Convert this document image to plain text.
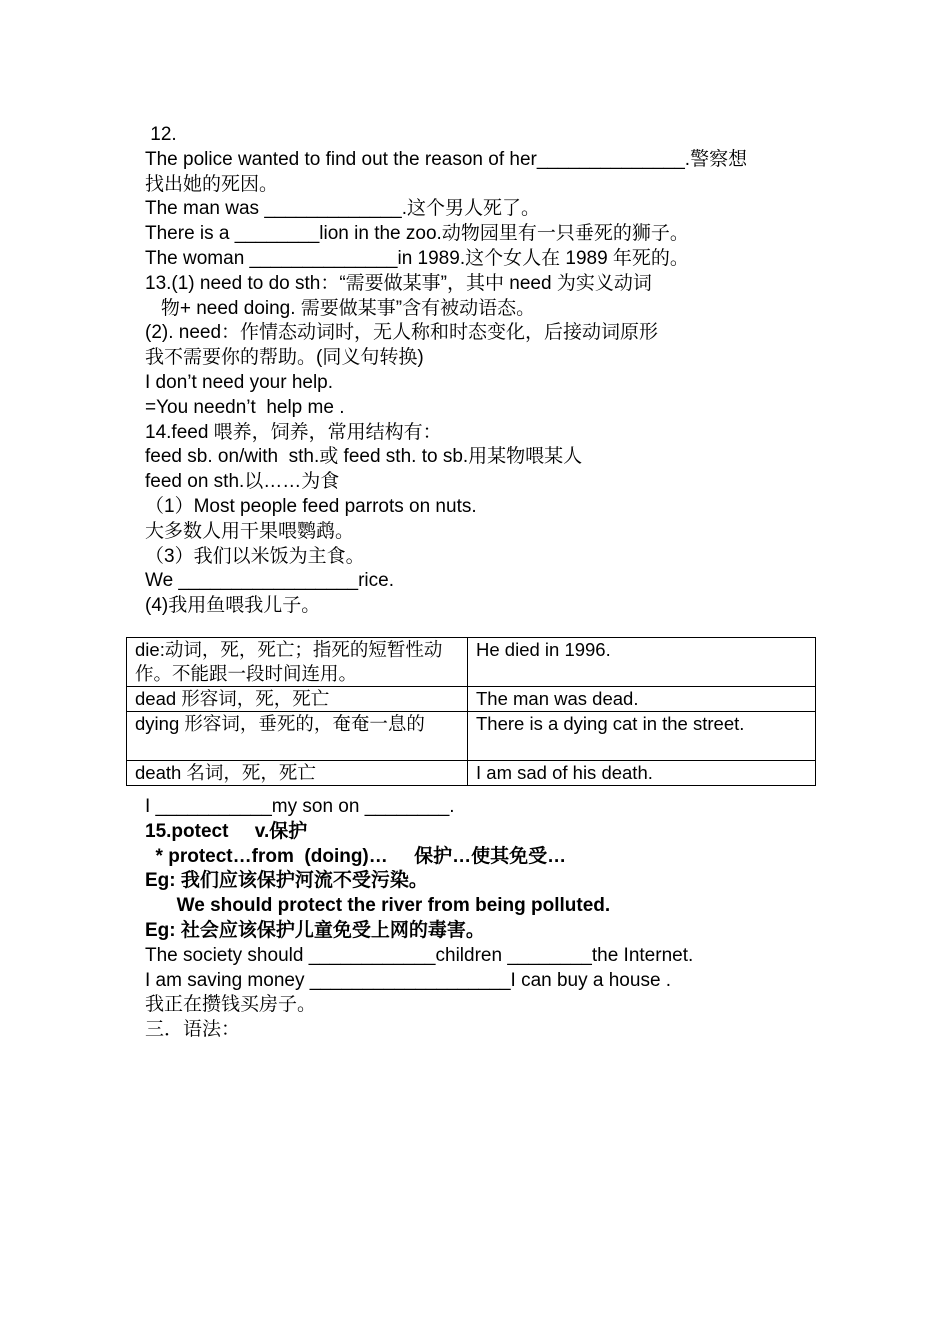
12.
The police wanted to find out the reason of her______________.警察想
找出她的死因。
The man was _____________.这个男人死了。
There is a ________lion in the zoo.动物园里有一只垂死的狮子。
The woman ______________in 1989.这个女人在 1989 年死的。
13.(1) need to do sth：“需要做某事”，其中 need 为实义动词
物+ need doing. 需要做某事”含有被动语态。
(2). need：作情态动词时，无人称和时态变化，后接动词原形
我不需要你的帮助。(同义句转换)
I don’t need your help.
=You needn’t  help me .
14.feed 喂养，饲养，常用结构有：
feed sb. on/with  sth.或 feed sth. to sb.用某物喂某人
feed on sth.以……为食
（1）Most people feed parrots on nuts.
大多数人用干果喂鹦鹉。
（3）我们以米饭为主食。
We _________________rice.
(4)我用鱼喂我儿子。
die:动词，死，死亡；指死的短暂性动作。不能跟一段时间连用。	He died in 1996.
dead 形容词，死，死亡	The man was dead.
dying 形容词，垂死的，奄奄一息的	There is a dying cat in the street.
death 名词，死，死亡	I am sad of his death.
I ___________my son on ________.
15.potect     v.保护
* protect…from  (doing)…     保护…使其免受…
Eg: 我们应该保护河流不受污染。
We should protect the river from being polluted.
Eg: 社会应该保护儿童免受上网的毒害。
The society should ____________children ________the Internet.
I am saving money ___________________I can buy a house .
我正在攒钱买房子。
三．语法：
